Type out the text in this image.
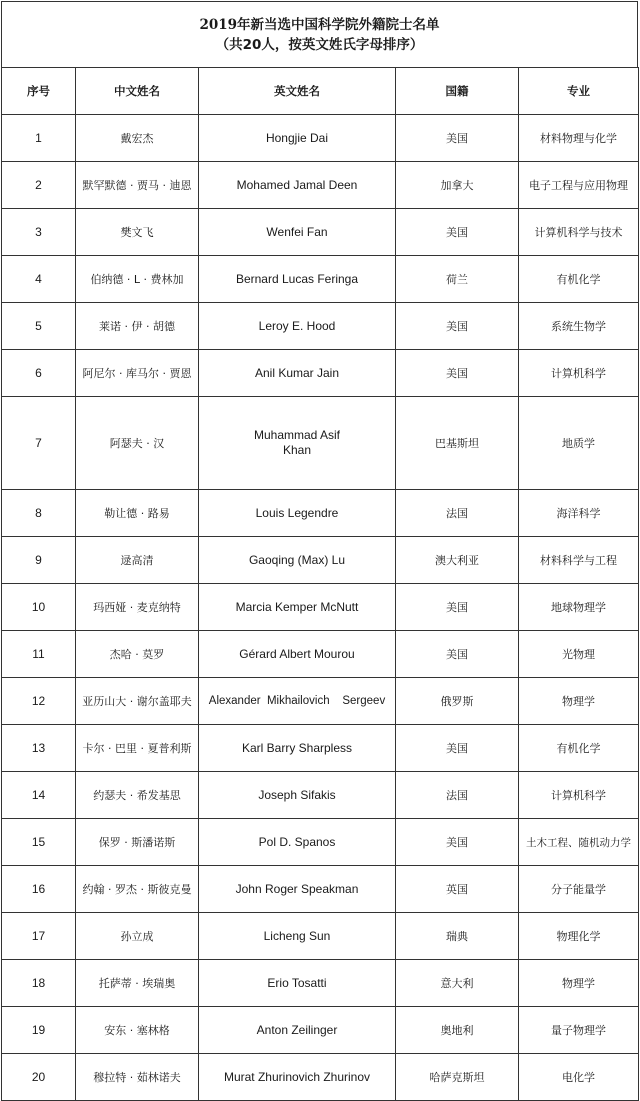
2019年新当选中国科学院外籍院士名单
（共20人，按英文姓氏字母排序）
序号	中文姓名	英文姓名	国籍	专业
1	戴宏杰	Hongjie Dai	美国	材料物理与化学
2	默罕默德 · 贾马 · 迪恩	Mohamed Jamal Deen	加拿大	电子工程与应用物理
3	樊文飞	Wenfei Fan	美国	计算机科学与技术
4	伯纳德 · L · 费林加	Bernard Lucas Feringa	荷兰	有机化学
5	莱诺 · 伊 · 胡德	Leroy E. Hood	美国	系统生物学
6	阿尼尔 · 库马尔 · 贾恩	Anil Kumar Jain	美国	计算机科学
7	阿瑟夫 · 汉	Muhammad Asif Khan	巴基斯坦	地质学
8	勒让德 · 路易	Louis Legendre	法国	海洋科学
9	逯高清	Gaoqing (Max) Lu	澳大利亚	材料科学与工程
10	玛西娅 · 麦克纳特	Marcia Kemper McNutt	美国	地球物理学
11	杰哈 · 莫罗	Gérard Albert Mourou	美国	光物理
12	亚历山大 · 谢尔盖耶夫	Alexander  Mikhailovich    Sergeev	俄罗斯	物理学
13	卡尔 · 巴里 · 夏普利斯	Karl Barry Sharpless	美国	有机化学
14	约瑟夫 · 希发基思	Joseph Sifakis	法国	计算机科学
15	保罗 · 斯潘诺斯	Pol D. Spanos	美国	土木工程、随机动力学
16	约翰 · 罗杰 · 斯彼克曼	John Roger Speakman	英国	分子能量学
17	孙立成	Licheng Sun	瑞典	物理化学
18	托萨蒂 · 埃瑞奥	Erio Tosatti	意大利	物理学
19	安东 · 塞林格	Anton Zeilinger	奥地利	量子物理学
20	穆拉特 · 茹林诺夫	Murat Zhurinovich Zhurinov	哈萨克斯坦	电化学
